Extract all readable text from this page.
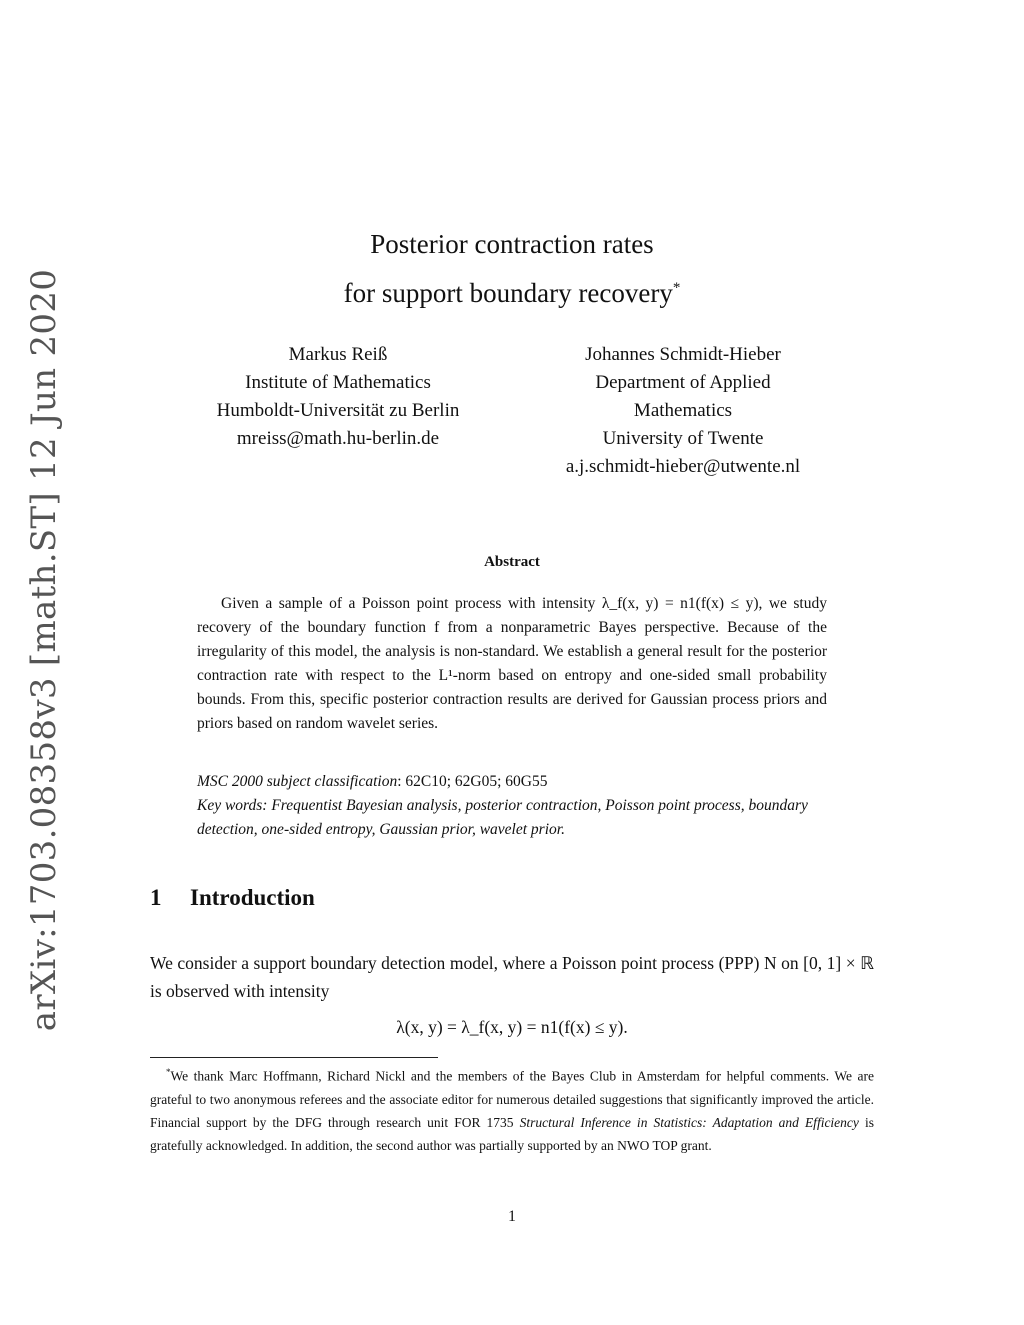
arXiv:1703.08358v3 [math.ST] 12 Jun 2020
Posterior contraction rates
for support boundary recovery*
Markus Reiß
Institute of Mathematics
Humboldt-Universität zu Berlin
mreiss@math.hu-berlin.de
Johannes Schmidt-Hieber
Department of Applied
Mathematics
University of Twente
a.j.schmidt-hieber@utwente.nl
Abstract
Given a sample of a Poisson point process with intensity λ_f(x, y) = n1(f(x) ≤ y), we study recovery of the boundary function f from a nonparametric Bayes perspective. Because of the irregularity of this model, the analysis is non-standard. We establish a general result for the posterior contraction rate with respect to the L¹-norm based on entropy and one-sided small probability bounds. From this, specific posterior contraction results are derived for Gaussian process priors and priors based on random wavelet series.
MSC 2000 subject classification: 62C10; 62G05; 60G55
Key words: Frequentist Bayesian analysis, posterior contraction, Poisson point process, boundary detection, one-sided entropy, Gaussian prior, wavelet prior.
1 Introduction
We consider a support boundary detection model, where a Poisson point process (PPP) N on [0, 1] × ℝ is observed with intensity
λ(x, y) = λ_f(x, y) = n1(f(x) ≤ y).
*We thank Marc Hoffmann, Richard Nickl and the members of the Bayes Club in Amsterdam for helpful comments. We are grateful to two anonymous referees and the associate editor for numerous detailed suggestions that significantly improved the article. Financial support by the DFG through research unit FOR 1735 Structural Inference in Statistics: Adaptation and Efficiency is gratefully acknowledged. In addition, the second author was partially supported by an NWO TOP grant.
1
